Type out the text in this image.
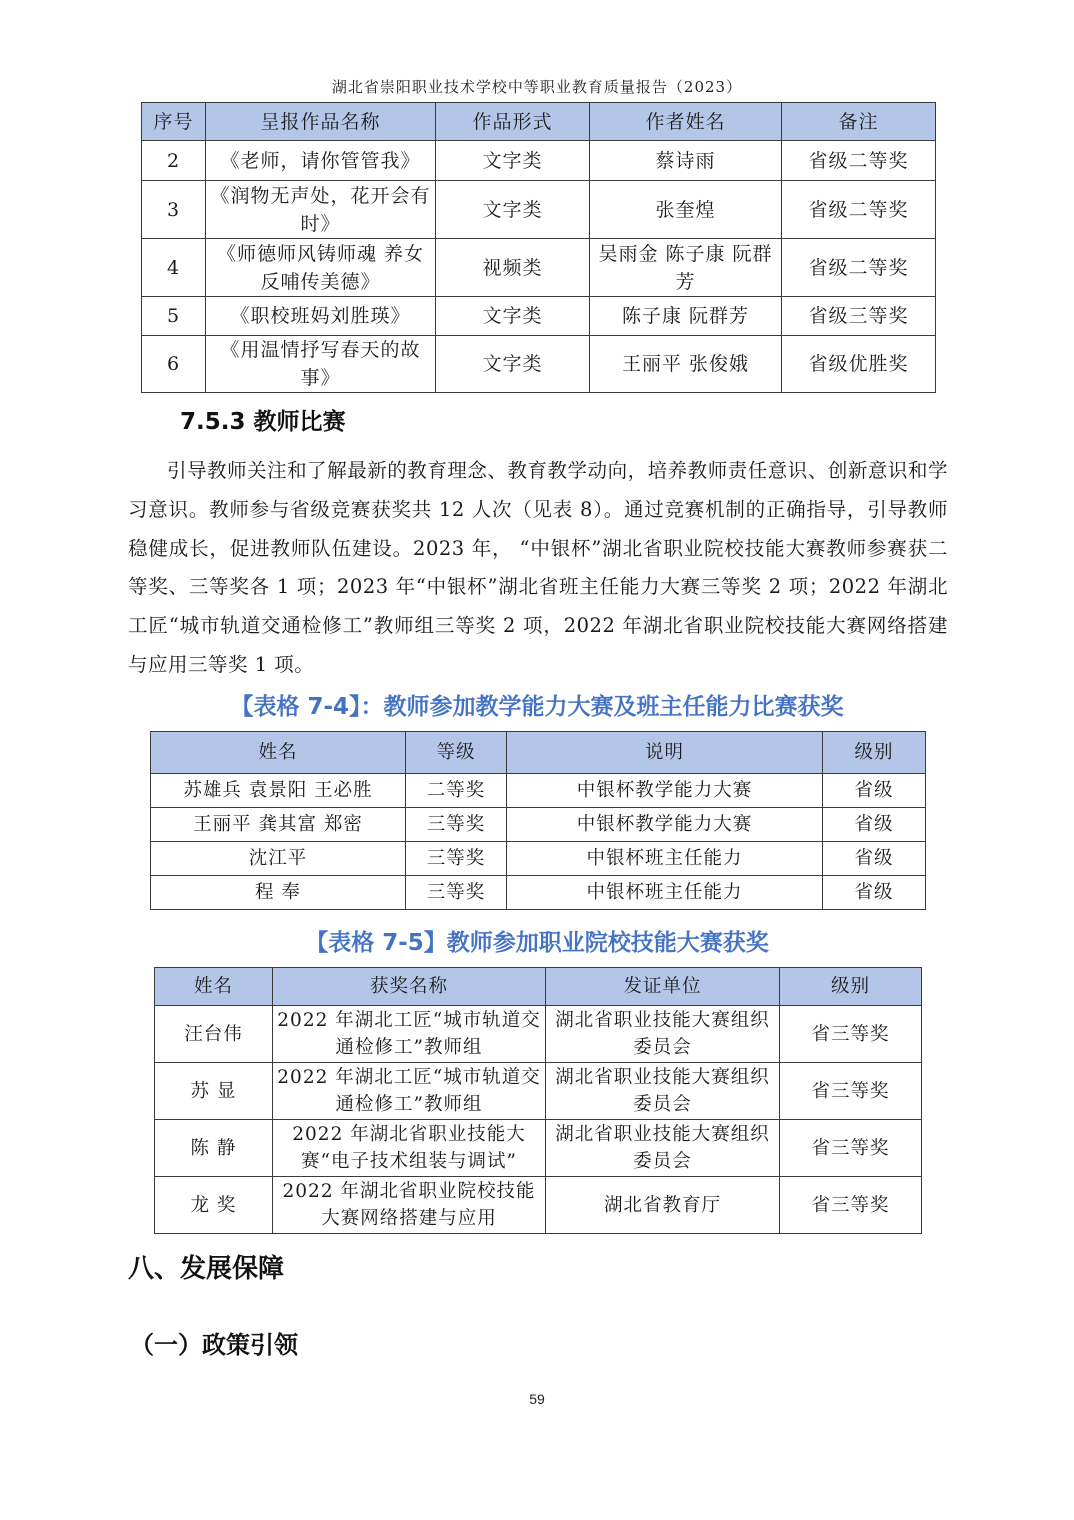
湖北省崇阳职业技术学校中等职业教育质量报告（2023）
序号	呈报作品名称	作品形式	作者姓名	备注
2	《老师，请你管管我》	文字类	蔡诗雨	省级二等奖
3	《润物无声处，花开会有时》	文字类	张奎煌	省级二等奖
4	《师德师风铸师魂 养女反哺传美德》	视频类	吴雨金 陈子康 阮群芳	省级二等奖
5	《职校班妈刘胜瑛》	文字类	陈子康 阮群芳	省级三等奖
6	《用温情抒写春天的故事》	文字类	王丽平 张俊娥	省级优胜奖
7.5.3 教师比赛
引导教师关注和了解最新的教育理念、教育教学动向，培养教师责任意识、创新意识和学习意识。教师参与省级竞赛获奖共 12 人次（见表 8）。通过竞赛机制的正确指导，引导教师稳健成长，促进教师队伍建设。2023 年， “中银杯”湖北省职业院校技能大赛教师参赛获二等奖、三等奖各 1 项；2023 年“中银杯”湖北省班主任能力大赛三等奖 2 项；2022 年湖北工匠“城市轨道交通检修工”教师组三等奖 2 项，2022 年湖北省职业院校技能大赛网络搭建与应用三等奖 1 项。
【表格 7-4】：教师参加教学能力大赛及班主任能力比赛获奖
姓名	等级	说明	级别
苏雄兵 袁景阳 王必胜	二等奖	中银杯教学能力大赛	省级
王丽平 龚其富 郑密	三等奖	中银杯教学能力大赛	省级
沈江平	三等奖	中银杯班主任能力	省级
程 奉	三等奖	中银杯班主任能力	省级
【表格 7-5】教师参加职业院校技能大赛获奖
姓名	获奖名称	发证单位	级别
汪台伟	2022 年湖北工匠“城市轨道交通检修工”教师组	湖北省职业技能大赛组织委员会	省三等奖
苏 显	2022 年湖北工匠“城市轨道交通检修工”教师组	湖北省职业技能大赛组织委员会	省三等奖
陈 静	2022 年湖北省职业技能大赛“电子技术组装与调试”	湖北省职业技能大赛组织委员会	省三等奖
龙 奖	2022 年湖北省职业院校技能大赛网络搭建与应用	湖北省教育厅	省三等奖
八、发展保障
（一）政策引领
59
